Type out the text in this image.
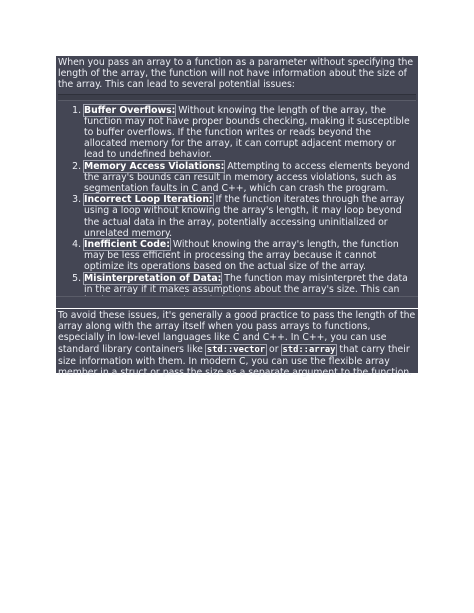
When you pass an array to a function as a parameter without specifying the length of the array, the function will not have information about the size of the array. This can lead to several potential issues:

1. Buffer Overflows: Without knowing the length of the array, the function may not have proper bounds checking, making it susceptible to buffer overflows. If the function writes or reads beyond the allocated memory for the array, it can corrupt adjacent memory or lead to undefined behavior.
2. Memory Access Violations: Attempting to access elements beyond the array's bounds can result in memory access violations, such as segmentation faults in C and C++, which can crash the program.
3. Incorrect Loop Iteration: If the function iterates through the array using a loop without knowing the array's length, it may loop beyond the actual data in the array, potentially accessing uninitialized or unrelated memory.
4. Inefficient Code: Without knowing the array's length, the function may be less efficient in processing the array because it cannot optimize its operations based on the actual size of the array.
5. Misinterpretation of Data: The function may misinterpret the data in the array if it makes assumptions about the array's size. This can

To avoid these issues, it's generally a good practice to pass the length of the array along with the array itself when you pass arrays to functions, especially in low-level languages like C and C++. In C++, you can use standard library containers like std::vector or std::array that carry their size information with them. In modern C, you can use the flexible array member in a struct or pass the size as a separate argument to the function.
